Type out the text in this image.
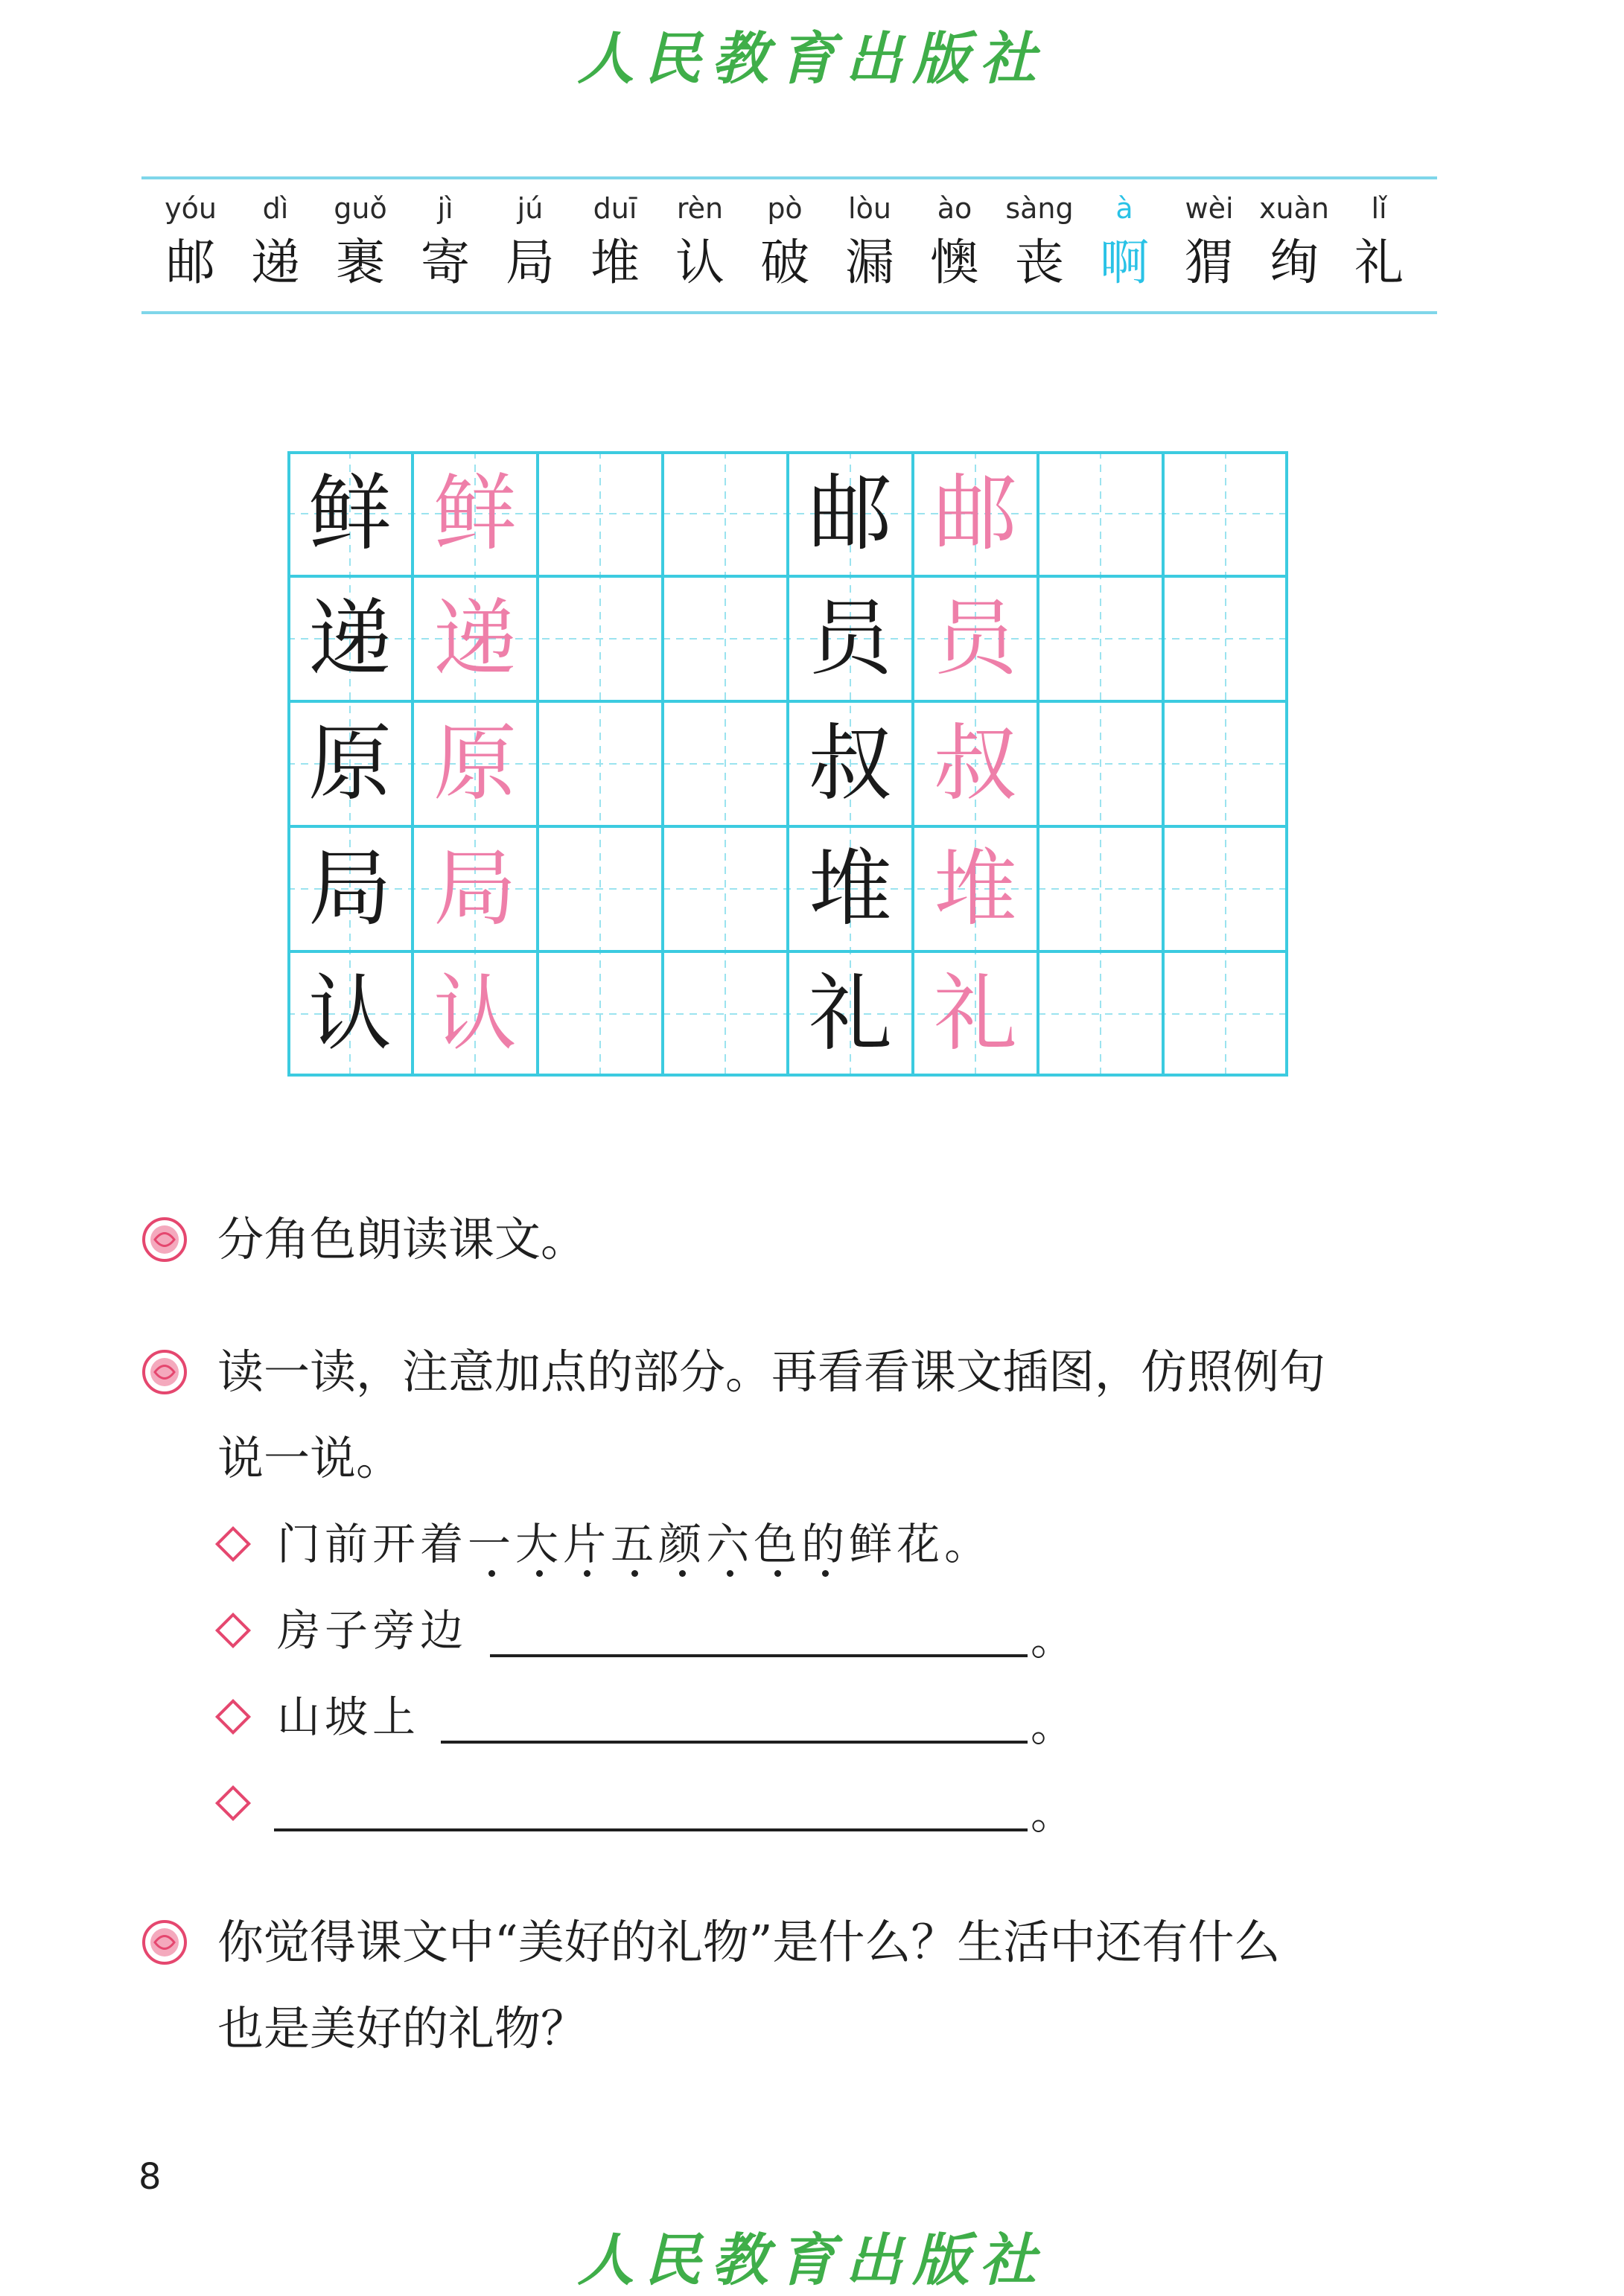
人民教育出版社
yóu
邮
dì
递
guǒ
裹
jì
寄
jú
局
duī
堆
rèn
认
pò
破
lòu
漏
ào
懊
sàng
丧
à
啊
wèi
猬
xuàn
绚
lǐ
礼
鲜 鲜
递 递
原 原
局 局
认 认
邮 邮
员 员
叔 叔
堆 堆
礼 礼
分角色朗读课文。
读一读，注意加点的部分。再看看课文插图，仿照例句
说一说。
门前开着一大片五颜六色的鲜花。
房子旁边	。
山坡上	。
。
你觉得课文中“美好的礼物”是什么？生活中还有什么
也是美好的礼物？
8
人民教育出版社
